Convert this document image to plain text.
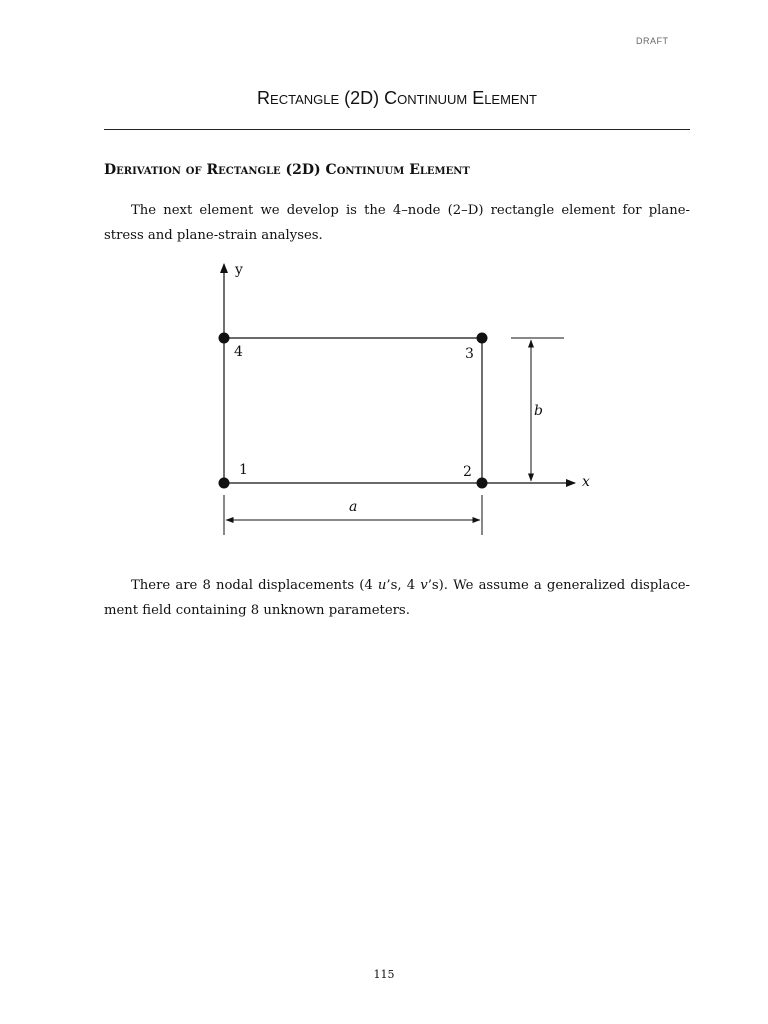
DRAFT
Rectangle (2D) Continuum Element
Derivation of Rectangle (2D) Continuum Element

The next element we develop is the 4–node (2–D) rectangle element for plane-stress and plane-strain analyses.

y
x
1	2
3
4
b
a

There are 8 nodal displacements (4 u’s, 4 v’s). We assume a generalized displace-ment field containing 8 unknown parameters.

115
